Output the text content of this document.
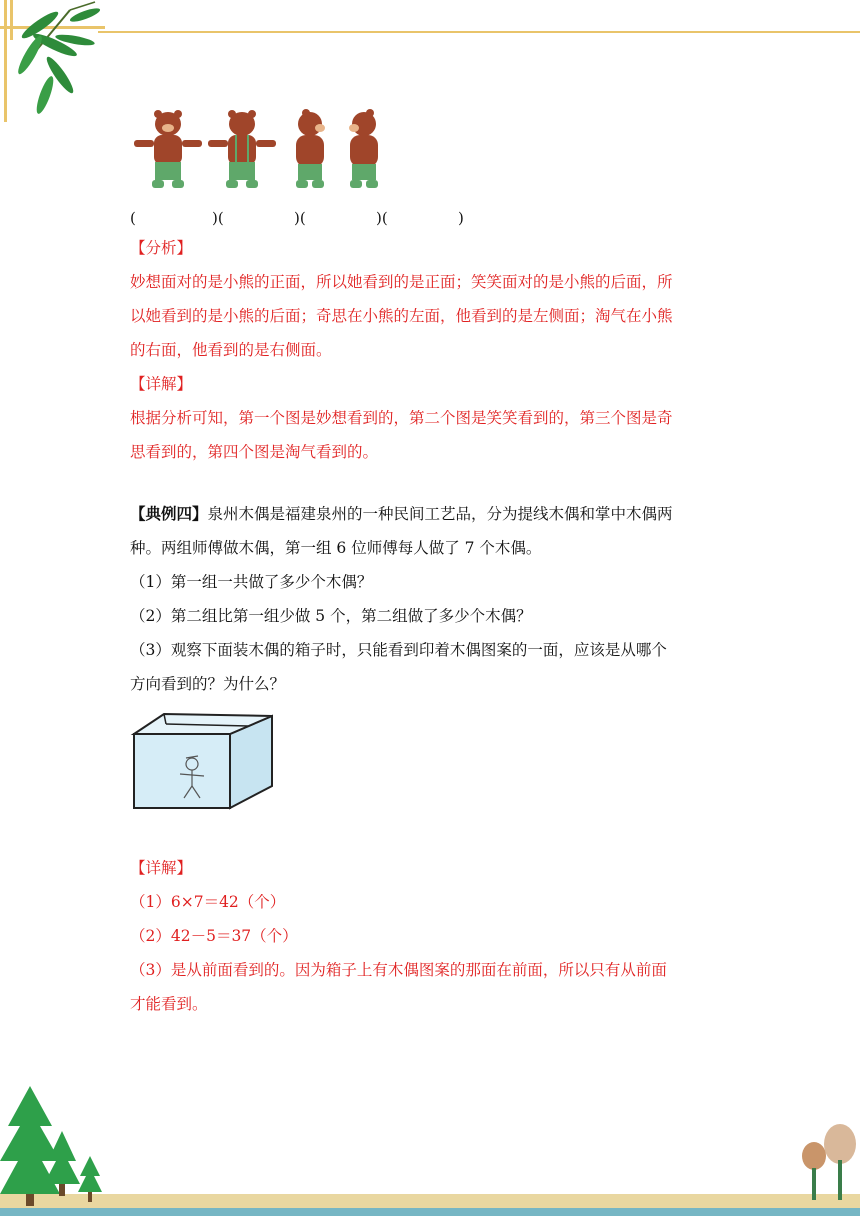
(	)(	)(	)(	)
【分析】
妙想面对的是小熊的正面，所以她看到的是正面；笑笑面对的是小熊的后面，所
以她看到的是小熊的后面；奇思在小熊的左面，他看到的是左侧面；淘气在小熊
的右面，他看到的是右侧面。
【详解】
根据分析可知，第一个图是妙想看到的，第二个图是笑笑看到的，第三个图是奇
思看到的，第四个图是淘气看到的。
【典例四】泉州木偶是福建泉州的一种民间工艺品，分为提线木偶和掌中木偶两
种。两组师傅做木偶，第一组 6 位师傅每人做了 7 个木偶。
（1）第一组一共做了多少个木偶？
（2）第二组比第一组少做 5 个，第二组做了多少个木偶？
（3）观察下面装木偶的箱子时，只能看到印着木偶图案的一面，应该是从哪个
方向看到的？为什么？
【详解】
（1）6×7＝42（个）
（2）42－5＝37（个）
（3）是从前面看到的。因为箱子上有木偶图案的那面在前面，所以只有从前面
才能看到。
